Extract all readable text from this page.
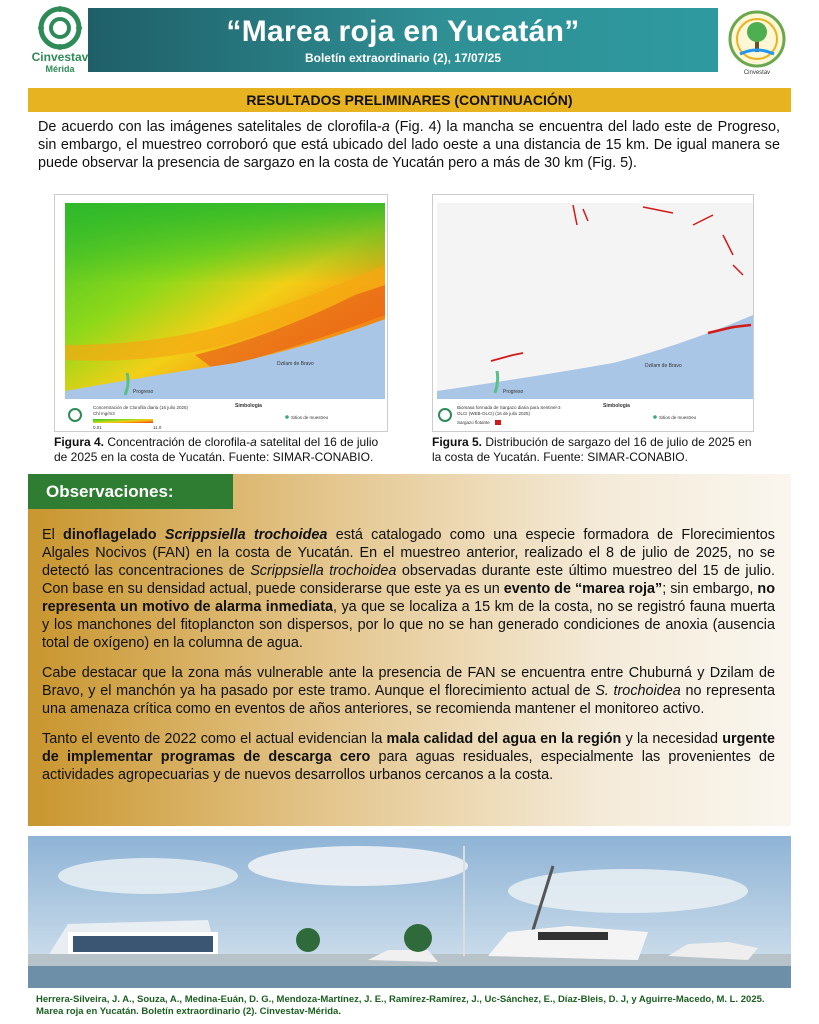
Cinvestav
Mérida
“Marea roja en Yucatán”
Boletín extraordinario (2), 17/07/25
Cinvestav
RESULTADOS PRELIMINARES (CONTINUACIÓN)
De acuerdo con las imágenes satelitales de clorofila-a (Fig. 4) la mancha se encuentra del lado este de Progreso, sin embargo, el muestreo corroboró que está ubicado del lado oeste a una distancia de 15 km. De igual manera se puede observar la presencia de sargazo en la costa de Yucatán pero a más de 30 km (Fig. 5).
Progreso
Dzilam de Bravo
Concentración de Clorofila diaria (16 julio 2025)
Chl mg/m3
0.01	11.0
Simbología
Sitios de muestreo
Figura 4. Concentración de clorofila-a satelital del 16 de julio de 2025 en la costa de Yucatán. Fuente: SIMAR-CONABIO.
Progreso
Dzilam de Bravo
Biomasa formada de Sargazo diaria para Sentinel-3
OLCI (WEB-OLCI) (16 de julio 2025)
Sargazo flotante
Simbología
Sitios de muestreo
Figura 5. Distribución de sargazo del 16 de julio de 2025 en la costa de Yucatán. Fuente: SIMAR-CONABIO.
Observaciones:

El dinoflagelado Scrippsiella trochoidea está catalogado como una especie formadora de Florecimientos Algales Nocivos (FAN) en la costa de Yucatán. En el muestreo anterior, realizado el 8 de julio de 2025, no se detectó las concentraciones de Scrippsiella trochoidea observadas durante este último muestreo del 15 de julio. Con base en su densidad actual, puede considerarse que este ya es un evento de “marea roja”; sin embargo, no representa un motivo de alarma inmediata, ya que se localiza a 15 km de la costa, no se registró fauna muerta y los manchones del fitoplancton son dispersos, por lo que no se han generado condiciones de anoxia (ausencia total de oxígeno) en la columna de agua.

Cabe destacar que la zona más vulnerable ante la presencia de FAN se encuentra entre Chuburná y Dzilam de Bravo, y el manchón ya ha pasado por este tramo. Aunque el florecimiento actual de S. trochoidea no representa una amenaza crítica como en eventos de años anteriores, se recomienda mantener el monitoreo activo.

Tanto el evento de 2022 como el actual evidencian la mala calidad del agua en la región y la necesidad urgente de implementar programas de descarga cero para aguas residuales, especialmente las provenientes de actividades agropecuarias y de nuevos desarrollos urbanos cercanos a la costa.

Herrera-Silveira, J. A., Souza, A., Medina-Euán, D. G., Mendoza-Martínez, J. E., Ramírez-Ramírez, J., Uc-Sánchez, E., Díaz-Bleis, D. J, y Aguirre-Macedo, M. L. 2025. Marea roja en Yucatán. Boletín extraordinario (2). Cinvestav-Mérida.
